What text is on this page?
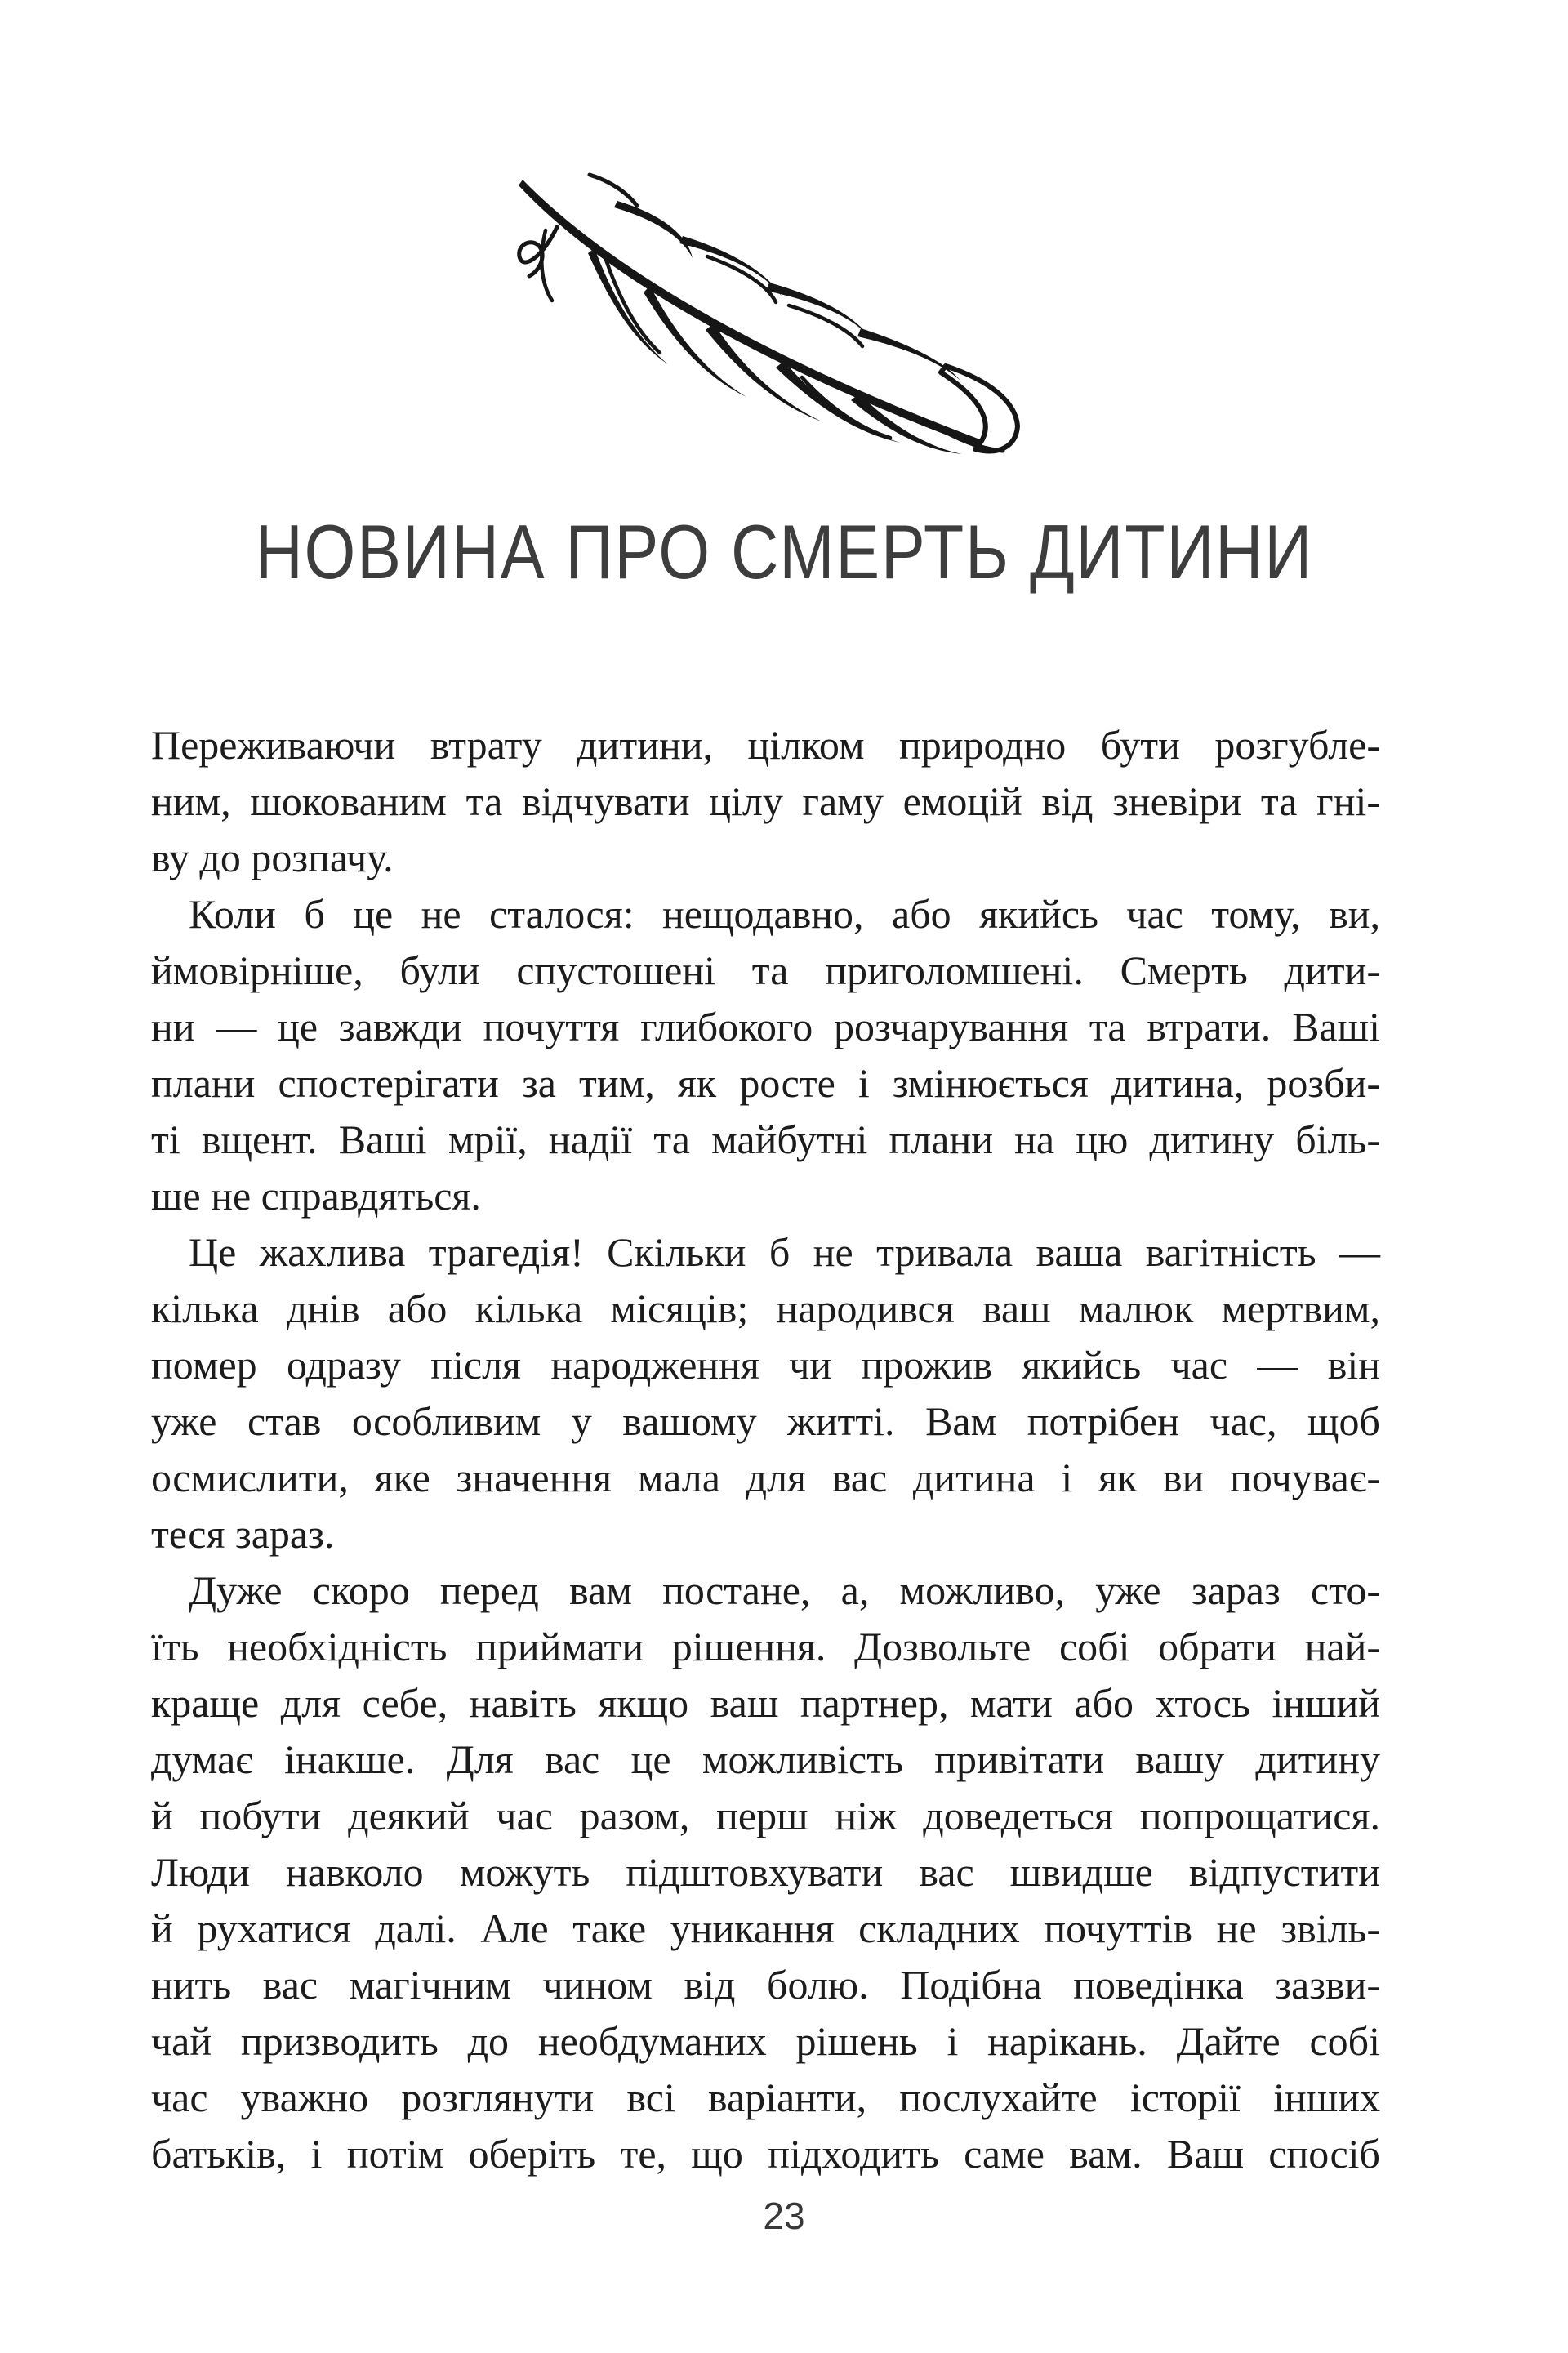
НОВИНА ПРО СМЕРТЬ ДИТИНИ

Переживаючи втрату дитини, цілком природно бути розгубле-
ним, шокованим та відчувати цілу гаму емоцій від зневіри та гні-
ву до розпачу.

Коли б це не сталося: нещодавно, або якийсь час тому, ви,
ймовірніше, були спустошені та приголомшені. Смерть дити-
ни — це завжди почуття глибокого розчарування та втрати. Ваші
плани спостерігати за тим, як росте і змінюється дитина, розби-
ті вщент. Ваші мрії, надії та майбутні плани на цю дитину біль-
ше не справдяться.

Це жахлива трагедія! Скільки б не тривала ваша вагітність —
кілька днів або кілька місяців; народився ваш малюк мертвим,
помер одразу після народження чи прожив якийсь час — він
уже став особливим у вашому житті. Вам потрібен час, щоб
осмислити, яке значення мала для вас дитина і як ви почуває-
теся зараз.

Дуже скоро перед вам постане, а, можливо, уже зараз сто-
їть необхідність приймати рішення. Дозвольте собі обрати най-
краще для себе, навіть якщо ваш партнер, мати або хтось інший
думає інакше. Для вас це можливість привітати вашу дитину
й побути деякий час разом, перш ніж доведеться попрощатися.
Люди навколо можуть підштовхувати вас швидше відпустити
й рухатися далі. Але таке уникання складних почуттів не звіль-
нить вас магічним чином від болю. Подібна поведінка зазви-
чай призводить до необдуманих рішень і нарікань. Дайте собі
час уважно розглянути всі варіанти, послухайте історії інших
батьків, і потім оберіть те, що підходить саме вам. Ваш спосіб

23
